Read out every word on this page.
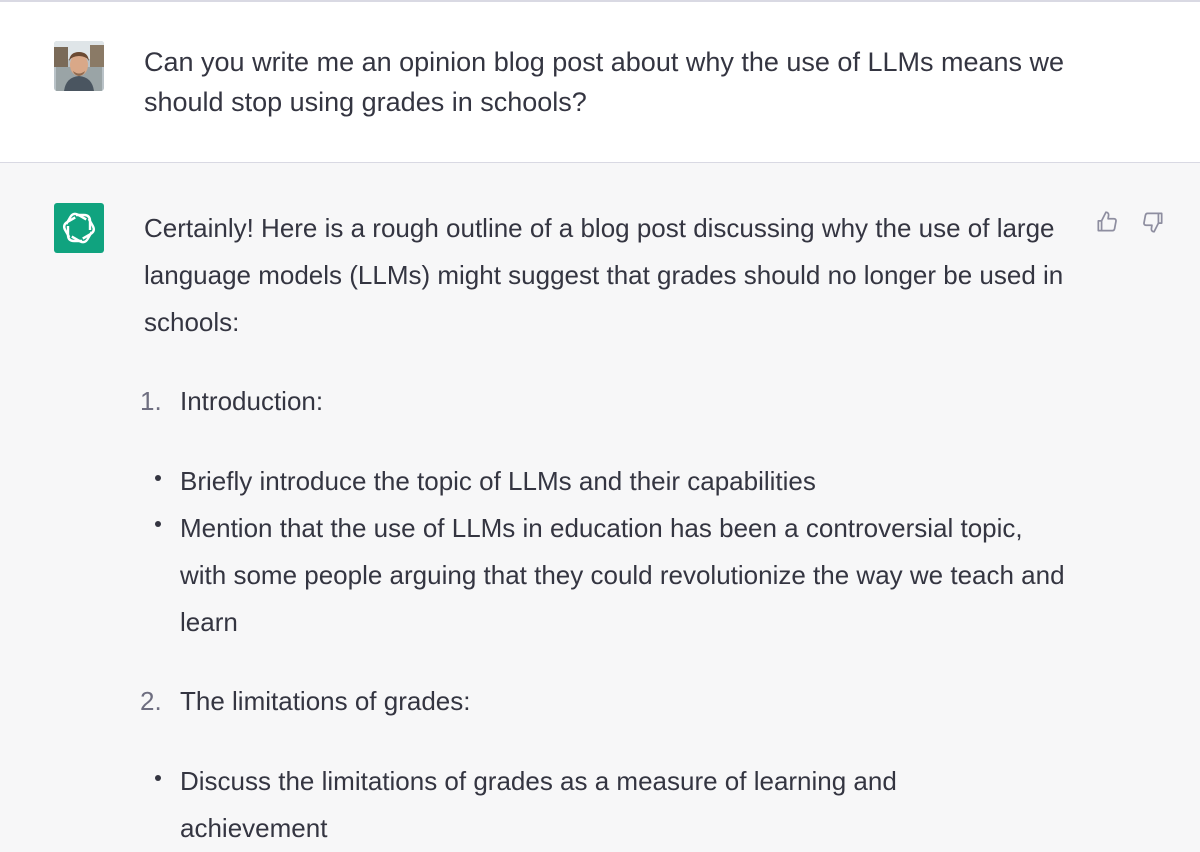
Can you write me an opinion blog post about why the use of LLMs means we should stop using grades in schools?
Certainly! Here is a rough outline of a blog post discussing why the use of large language models (LLMs) might suggest that grades should no longer be used in schools:
1. Introduction:
Briefly introduce the topic of LLMs and their capabilities
Mention that the use of LLMs in education has been a controversial topic, with some people arguing that they could revolutionize the way we teach and learn
2. The limitations of grades:
Discuss the limitations of grades as a measure of learning and achievement
